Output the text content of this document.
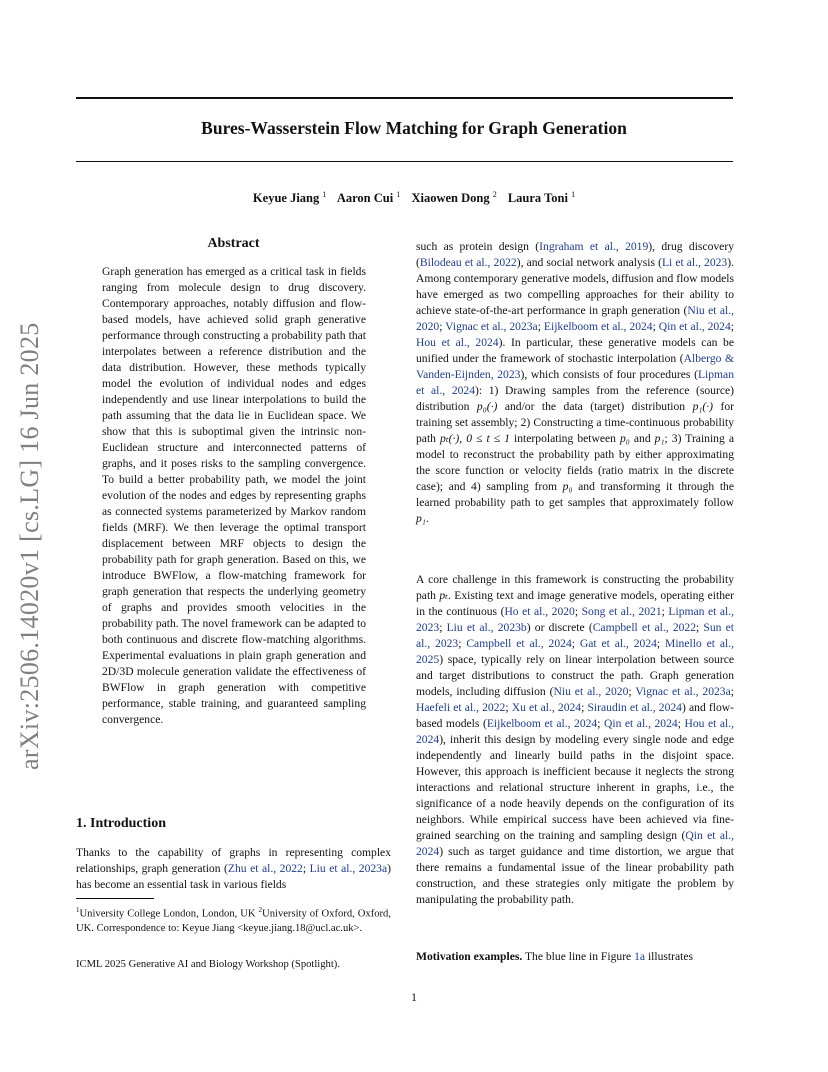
Bures-Wasserstein Flow Matching for Graph Generation
Keyue Jiang $^1$ Aaron Cui $^1$ Xiaowen Dong $^2$ Laura Toni $^1$
arXiv:2506.14020v1 [cs.LG] 16 Jun 2025
Abstract
Graph generation has emerged as a critical task in fields ranging from molecule design to drug discovery. Contemporary approaches, notably diffusion and flow-based models, have achieved solid graph generative performance through constructing a probability path that interpolates between a reference distribution and the data distribution. However, these methods typically model the evolution of individual nodes and edges independently and use linear interpolations to build the path assuming that the data lie in Euclidean space. We show that this is suboptimal given the intrinsic non-Euclidean structure and interconnected patterns of graphs, and it poses risks to the sampling convergence. To build a better probability path, we model the joint evolution of the nodes and edges by representing graphs as connected systems parameterized by Markov random fields (MRF). We then leverage the optimal transport displacement between MRF objects to design the probability path for graph generation. Based on this, we introduce BWFlow, a flow-matching framework for graph generation that respects the underlying geometry of graphs and provides smooth velocities in the probability path. The novel framework can be adapted to both continuous and discrete flow-matching algorithms. Experimental evaluations in plain graph generation and 2D/3D molecule generation validate the effectiveness of BWFlow in graph generation with competitive performance, stable training, and guaranteed sampling convergence.
1. Introduction
Thanks to the capability of graphs in representing complex relationships, graph generation (Zhu et al., 2022; Liu et al., 2023a) has become an essential task in various fields
$^1$University College London, London, UK $^2$University of Oxford, Oxford, UK. Correspondence to: Keyue Jiang <keyue.jiang.18@ucl.ac.uk>.
ICML 2025 Generative AI and Biology Workshop (Spotlight).
such as protein design (Ingraham et al., 2019), drug discovery (Bilodeau et al., 2022), and social network analysis (Li et al., 2023). Among contemporary generative models, diffusion and flow models have emerged as two compelling approaches for their ability to achieve state-of-the-art performance in graph generation (Niu et al., 2020; Vignac et al., 2023a; Eijkelboom et al., 2024; Qin et al., 2024; Hou et al., 2024). In particular, these generative models can be unified under the framework of stochastic interpolation (Albergo & Vanden-Eijnden, 2023), which consists of four procedures (Lipman et al., 2024): 1) Drawing samples from the reference (source) distribution p₀(·) and/or the data (target) distribution p₁(·) for training set assembly; 2) Constructing a time-continuous probability path pₜ(·), 0 ≤ t ≤ 1 interpolating between p₀ and p₁; 3) Training a model to reconstruct the probability path by either approximating the score function or velocity fields (ratio matrix in the discrete case); and 4) sampling from p₀ and transforming it through the learned probability path to get samples that approximately follow p₁.
A core challenge in this framework is constructing the probability path pₜ. Existing text and image generative models, operating either in the continuous (Ho et al., 2020; Song et al., 2021; Lipman et al., 2023; Liu et al., 2023b) or discrete (Campbell et al., 2022; Sun et al., 2023; Campbell et al., 2024; Gat et al., 2024; Minello et al., 2025) space, typically rely on linear interpolation between source and target distributions to construct the path. Graph generation models, including diffusion (Niu et al., 2020; Vignac et al., 2023a; Haefeli et al., 2022; Xu et al., 2024; Siraudin et al., 2024) and flow-based models (Eijkelboom et al., 2024; Qin et al., 2024; Hou et al., 2024), inherit this design by modeling every single node and edge independently and linearly build paths in the disjoint space. However, this approach is inefficient because it neglects the strong interactions and relational structure inherent in graphs, i.e., the significance of a node heavily depends on the configuration of its neighbors. While empirical success have been achieved via fine-grained searching on the training and sampling design (Qin et al., 2024) such as target guidance and time distortion, we argue that there remains a fundamental issue of the linear probability path construction, and these strategies only mitigate the problem by manipulating the probability path.
Motivation examples. The blue line in Figure 1a illustrates
1
